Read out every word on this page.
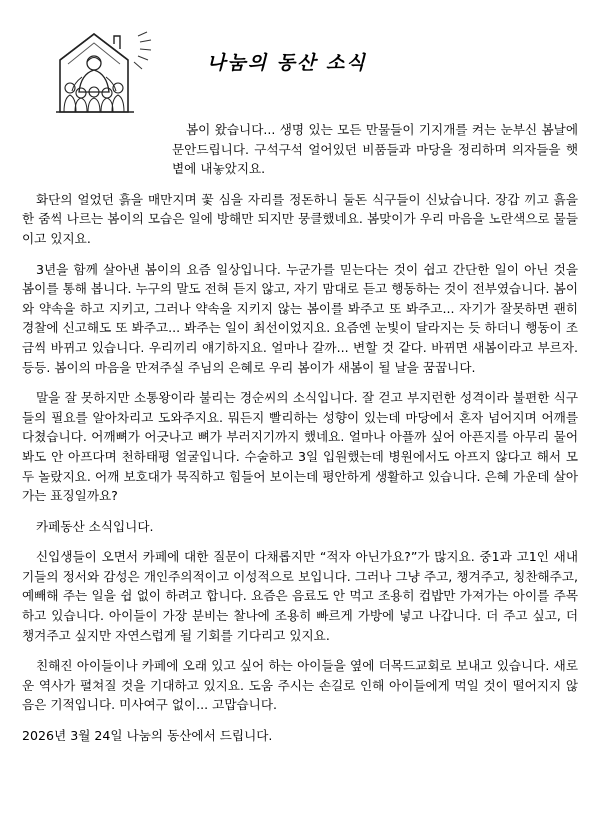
나눔의 동산 소식

봄이 왔습니다... 생명 있는 모든 만물들이 기지개를 켜는 눈부신 봄날에 문안드립니다. 구석구석 얼어있던 비품들과 마당을 정리하며 의자들을 햇볕에 내놓았지요.

화단의 얼었던 흙을 매만지며 꽃 심을 자리를 정돈하니 둘돈 식구들이 신났습니다. 장갑 끼고 흙을 한 줌씩 나르는 봄이의 모습은 일에 방해만 되지만 뭉클했네요. 봄맞이가 우리 마음을 노란색으로 물들이고 있지요.

3년을 함께 살아낸 봄이의 요즘 일상입니다. 누군가를 믿는다는 것이 쉽고 간단한 일이 아닌 것을 봄이를 통해 봅니다. 누구의 말도 전혀 듣지 않고, 자기 맘대로 듣고 행동하는 것이 전부였습니다. 봄이와 약속을 하고 지키고, 그러나 약속을 지키지 않는 봄이를 봐주고 또 봐주고... 자기가 잘못하면 괜히 경찰에 신고해도 또 봐주고... 봐주는 일이 최선이었지요. 요즘엔 눈빛이 달라지는 듯 하더니 행동이 조금씩 바뀌고 있습니다. 우리끼리 얘기하지요. 얼마나 갈까... 변할 것 같다. 바뀌면 새봄이라고 부르자. 등등. 봄이의 마음을 만져주실 주님의 은혜로 우리 봄이가 새봄이 될 날을 꿈꿉니다.

말을 잘 못하지만 소통왕이라 불리는 경순씨의 소식입니다. 잘 걷고 부지런한 성격이라 불편한 식구들의 필요를 알아차리고 도와주지요. 뭐든지 빨리하는 성향이 있는데 마당에서 혼자 넘어지며 어깨를 다쳤습니다. 어깨뼈가 어긋나고 뼈가 부러지기까지 했네요. 얼마나 아플까 싶어 아픈지를 아무리 물어봐도 안 아프다며 천하태평 얼굴입니다. 수술하고 3일 입원했는데 병원에서도 아프지 않다고 해서 모두 놀랐지요. 어깨 보호대가 묵직하고 힘들어 보이는데 평안하게 생활하고 있습니다. 은혜 가운데 살아가는 표징일까요?

카페동산 소식입니다.

신입생들이 오면서 카페에 대한 질문이 다채롭지만 “적자 아닌가요?”가 많지요. 중1과 고1인 새내기들의 정서와 감성은 개인주의적이고 이성적으로 보입니다. 그러나 그냥 주고, 챙겨주고, 칭찬해주고, 예빼해 주는 일을 쉽 없이 하려고 합니다. 요즘은 음료도 안 먹고 조용히 컵밥만 가져가는 아이를 주목하고 있습니다. 아이들이 가장 분비는 찰나에 조용히 빠르게 가방에 넣고 나갑니다. 더 주고 싶고, 더 챙겨주고 싶지만 자연스럽게 될 기회를 기다리고 있지요.

친해진 아이들이나 카페에 오래 있고 싶어 하는 아이들을 옆에 더목드교회로 보내고 있습니다. 새로운 역사가 펼쳐질 것을 기대하고 있지요. 도움 주시는 손길로 인해 아이들에게 먹일 것이 떨어지지 않음은 기적입니다. 미사여구 없이... 고맙습니다.

2026년 3월 24일 나눔의 동산에서 드립니다.
